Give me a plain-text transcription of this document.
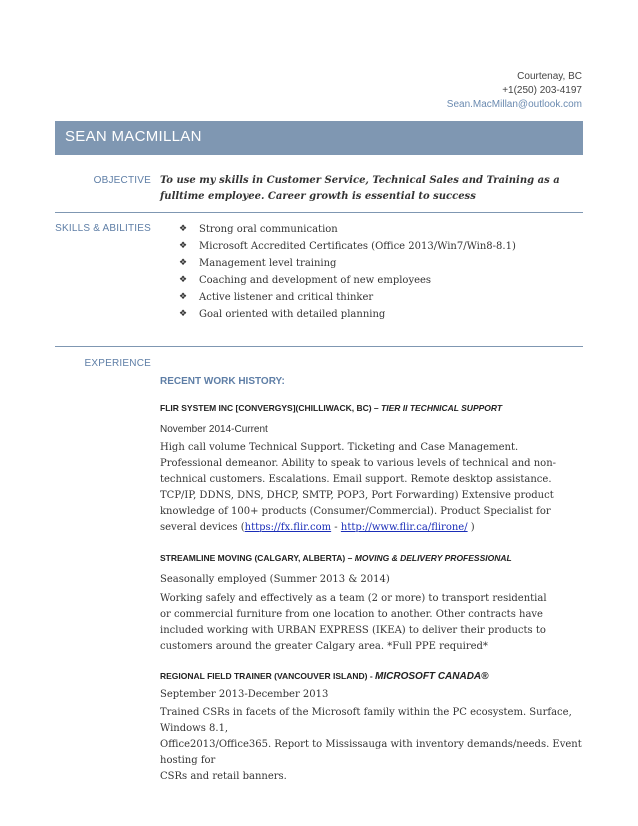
Courtenay, BC
+1(250) 203-4197
Sean.MacMillan@outlook.com
SEAN MACMILLAN
OBJECTIVE To use my skills in Customer Service, Technical Sales and Training as a
fulltime employee. Career growth is essential to success
SKILLS & ABILITIES	❖ Strong oral communication
❖ Microsoft Accredited Certificates (Office 2013/Win7/Win8-8.1)
❖ Management level training
❖ Coaching and development of new employees
❖ Active listener and critical thinker
❖ Goal oriented with detailed planning
EXPERIENCE
RECENT WORK HISTORY:
FLIR SYSTEM INC [CONVERGYS](CHILLIWACK, BC) – TIER II TECHNICAL SUPPORT
November 2014-Current
High call volume Technical Support. Ticketing and Case Management.
Professional demeanor. Ability to speak to various levels of technical and non-
technical customers. Escalations. Email support. Remote desktop assistance.
TCP/IP, DDNS, DNS, DHCP, SMTP, POP3, Port Forwarding) Extensive product
knowledge of 100+ products (Consumer/Commercial). Product Specialist for
several devices (https://fx.flir.com - http://www.flir.ca/flirone/ )
STREAMLINE MOVING (CALGARY, ALBERTA) – MOVING & DELIVERY PROFESSIONAL
Seasonally employed (Summer 2013 & 2014)
Working safely and effectively as a team (2 or more) to transport residential
or commercial furniture from one location to another. Other contracts have
included working with URBAN EXPRESS (IKEA) to deliver their products to
customers around the greater Calgary area. *Full PPE required*
REGIONAL FIELD TRAINER (VANCOUVER ISLAND) - MICROSOFT CANADA®
September 2013-December 2013
Trained CSRs in facets of the Microsoft family within the PC ecosystem. Surface, Windows 8.1,
Office2013/Office365. Report to Mississauga with inventory demands/needs. Event hosting for
CSRs and retail banners.
